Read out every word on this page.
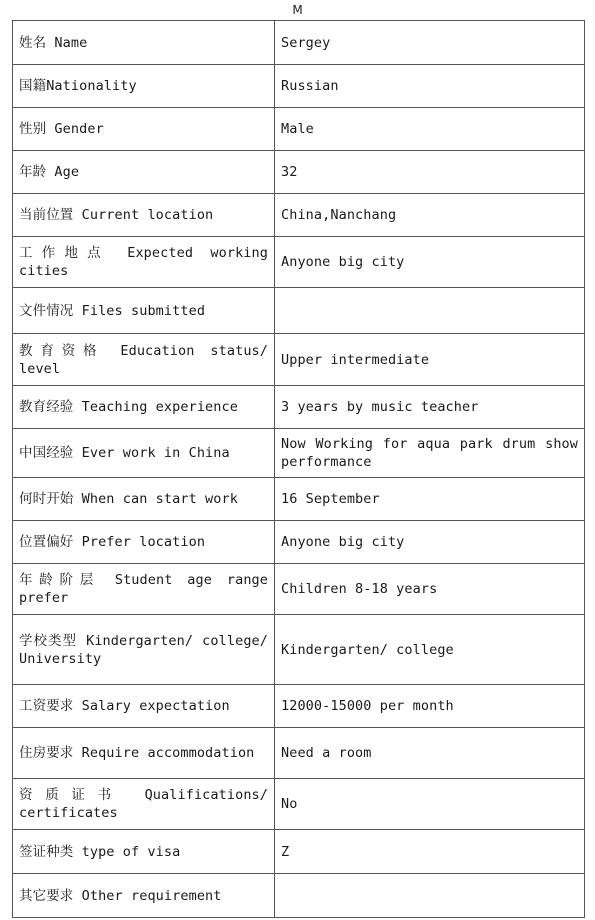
M
姓名 Name	Sergey
国籍Nationality	Russian
性别 Gender	Male
年龄 Age	32
当前位置 Current location	China,Nanchang
工作地点 Expected working cities	Anyone big city
文件情况 Files submitted	
教育资格 Education status/ level	Upper intermediate
教育经验 Teaching experience	3 years by music teacher
中国经验 Ever work in China	Now Working for aqua park drum show performance
何时开始 When can start work	16 September
位置偏好 Prefer location	Anyone big city
年龄阶层 Student age range prefer	Children 8-18 years
学校类型 Kindergarten/ college/ University	Kindergarten/ college
工资要求 Salary expectation	12000-15000 per month
住房要求 Require accommodation	Need a room
资质证书 Qualifications/ certificates	No
签证种类 type of visa	Z
其它要求 Other requirement	
